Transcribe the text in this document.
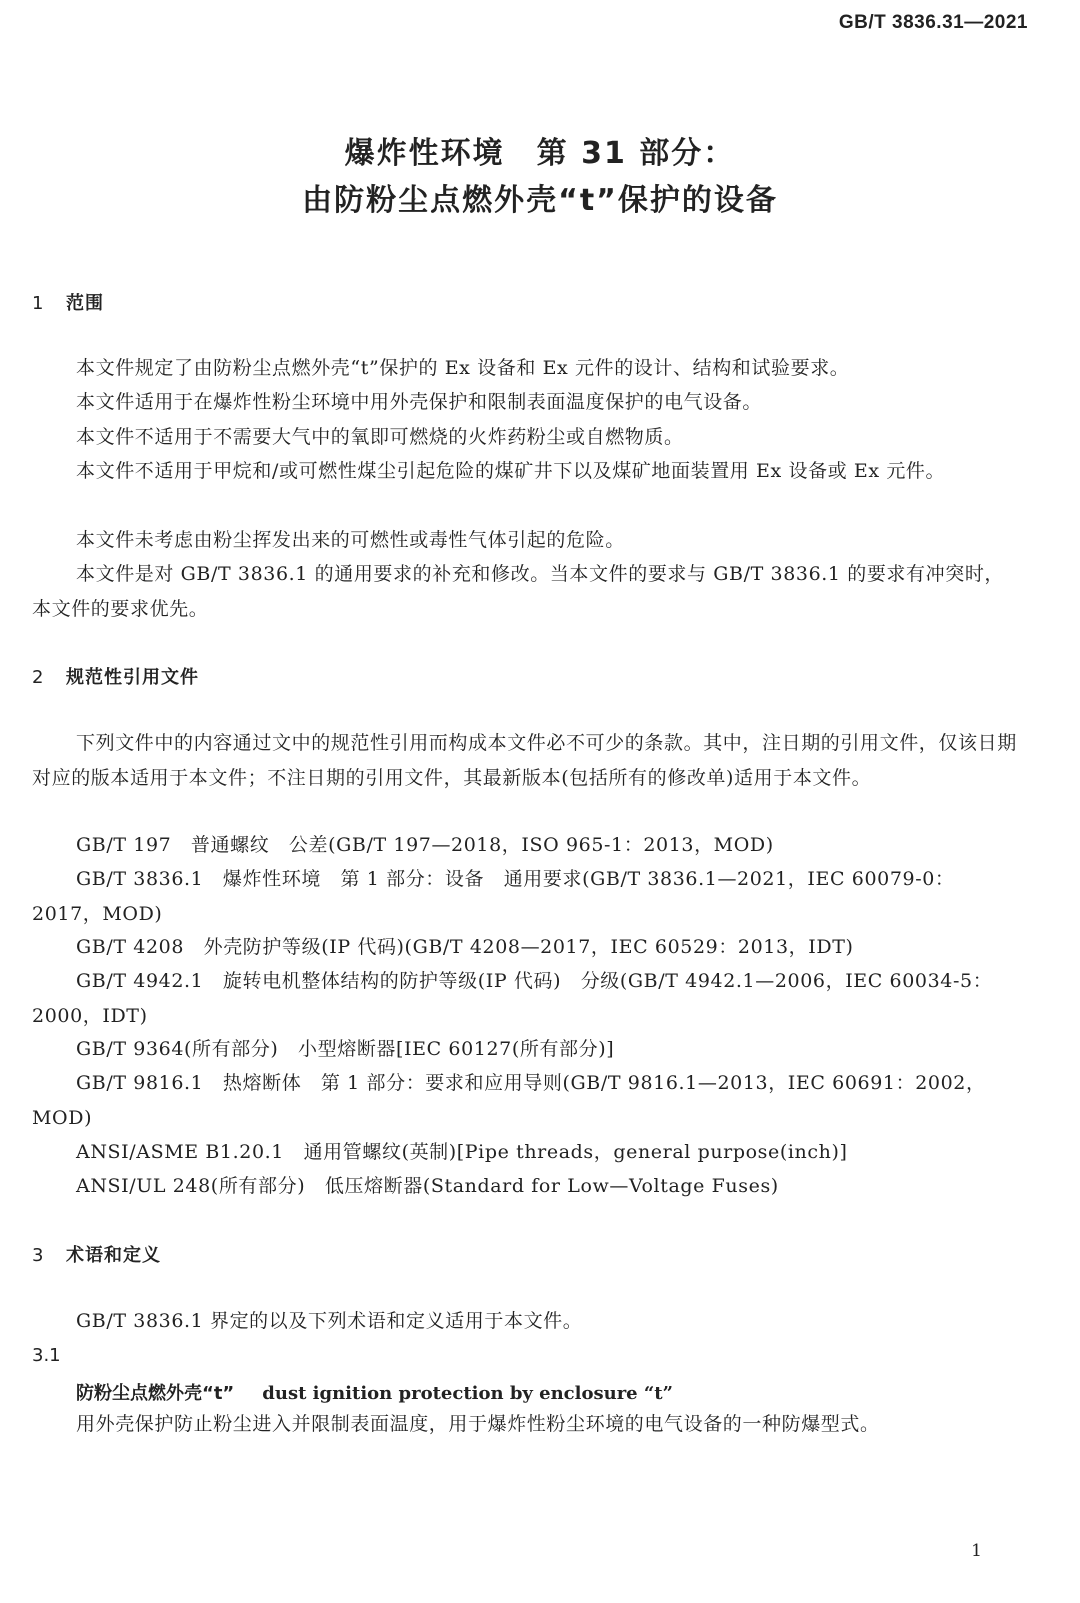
GB/T 3836.31—2021
爆炸性环境　第 31 部分：
由防粉尘点燃外壳“t”保护的设备
1 范围
本文件规定了由防粉尘点燃外壳“t”保护的 Ex 设备和 Ex 元件的设计、结构和试验要求。
本文件适用于在爆炸性粉尘环境中用外壳保护和限制表面温度保护的电气设备。
本文件不适用于不需要大气中的氧即可燃烧的火炸药粉尘或自燃物质。
本文件不适用于甲烷和/或可燃性煤尘引起危险的煤矿井下以及煤矿地面装置用 Ex 设备或 Ex 元件。
本文件未考虑由粉尘挥发出来的可燃性或毒性气体引起的危险。
本文件是对 GB/T 3836.1 的通用要求的补充和修改。当本文件的要求与 GB/T 3836.1 的要求有冲突时，本文件的要求优先。
2 规范性引用文件
下列文件中的内容通过文中的规范性引用而构成本文件必不可少的条款。其中，注日期的引用文件，仅该日期对应的版本适用于本文件；不注日期的引用文件，其最新版本(包括所有的修改单)适用于本文件。
GB/T 197　普通螺纹　公差(GB/T 197—2018，ISO 965-1：2013，MOD)
GB/T 3836.1　爆炸性环境　第 1 部分：设备　通用要求(GB/T 3836.1—2021，IEC 60079-0：2017，MOD)
GB/T 4208　外壳防护等级(IP 代码)(GB/T 4208—2017，IEC 60529：2013，IDT)
GB/T 4942.1　旋转电机整体结构的防护等级(IP 代码)　分级(GB/T 4942.1—2006，IEC 60034-5：2000，IDT)
GB/T 9364(所有部分)　小型熔断器[IEC 60127(所有部分)]
GB/T 9816.1　热熔断体　第 1 部分：要求和应用导则(GB/T 9816.1—2013，IEC 60691：2002，MOD)
ANSI/ASME B1.20.1　通用管螺纹(英制)[Pipe threads，general purpose(inch)]
ANSI/UL 248(所有部分)　低压熔断器(Standard for Low—Voltage Fuses)
3 术语和定义
GB/T 3836.1 界定的以及下列术语和定义适用于本文件。
3.1
防粉尘点燃外壳“t” dust ignition protection by enclosure “t”
用外壳保护防止粉尘进入并限制表面温度，用于爆炸性粉尘环境的电气设备的一种防爆型式。
1
